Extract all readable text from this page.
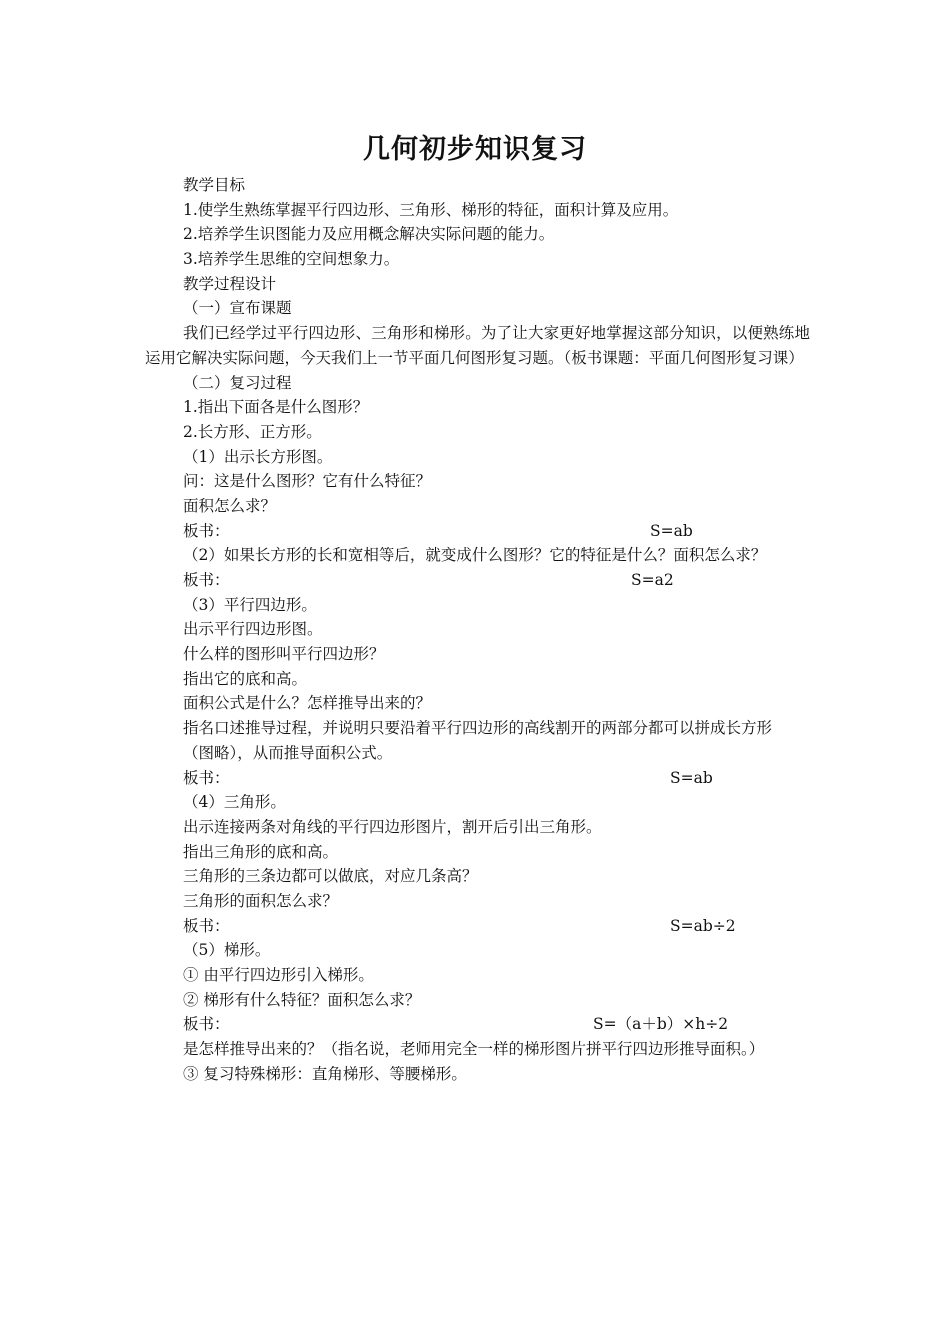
几何初步知识复习
教学目标
1.使学生熟练掌握平行四边形、三角形、梯形的特征，面积计算及应用。
2.培养学生识图能力及应用概念解决实际问题的能力。
3.培养学生思维的空间想象力。
教学过程设计
（一）宣布课题
我们已经学过平行四边形、三角形和梯形。为了让大家更好地掌握这部分知识，以便熟练地运用它解决实际问题，今天我们上一节平面几何图形复习题。（板书课题：平面几何图形复习课）
（二）复习过程
1.指出下面各是什么图形？
2.长方形、正方形。
（1）出示长方形图。
问：这是什么图形？它有什么特征？
面积怎么求？
板书：	S=ab
（2）如果长方形的长和宽相等后，就变成什么图形？它的特征是什么？面积怎么求？
板书：	S=a2
（3）平行四边形。
出示平行四边形图。
什么样的图形叫平行四边形？
指出它的底和高。
面积公式是什么？怎样推导出来的？
指名口述推导过程，并说明只要沿着平行四边形的高线割开的两部分都可以拼成长方形
（图略），从而推导面积公式。
板书：	S=ab
（4）三角形。
出示连接两条对角线的平行四边形图片，割开后引出三角形。
指出三角形的底和高。
三角形的三条边都可以做底，对应几条高？
三角形的面积怎么求？
板书：	S=ab÷2
（5）梯形。
① 由平行四边形引入梯形。
② 梯形有什么特征？面积怎么求？
板书：	S=（a＋b）×h÷2
是怎样推导出来的？（指名说，老师用完全一样的梯形图片拼平行四边形推导面积。）
③ 复习特殊梯形：直角梯形、等腰梯形。
